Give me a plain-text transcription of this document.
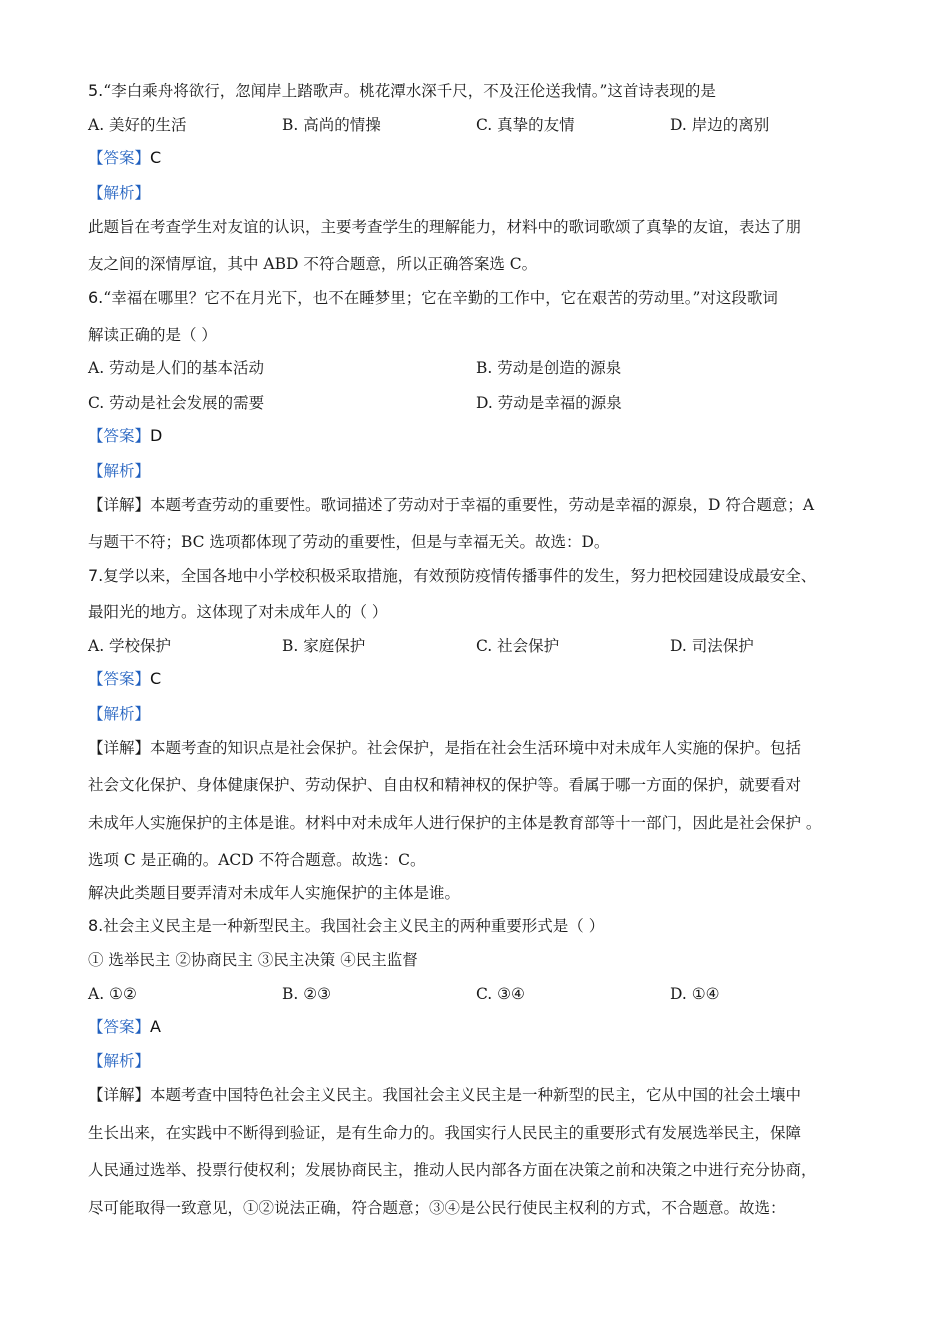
5.“李白乘舟将欲行，忽闻岸上踏歌声。桃花潭水深千尺，不及汪伦送我情。”这首诗表现的是
A. 美好的生活	B. 高尚的情操	C. 真挚的友情	D. 岸边的离别
【答案】C
【解析】
此题旨在考查学生对友谊的认识，主要考查学生的理解能力，材料中的歌词歌颂了真挚的友谊，表达了朋
友之间的深情厚谊，其中 ABD 不符合题意，所以正确答案选 C。
6.“幸福在哪里？它不在月光下，也不在睡梦里；它在辛勤的工作中，它在艰苦的劳动里。”对这段歌词
解读正确的是（ ）
A. 劳动是人们的基本活动	B. 劳动是创造的源泉
C. 劳动是社会发展的需要	D. 劳动是幸福的源泉
【答案】D
【解析】
【详解】本题考查劳动的重要性。歌词描述了劳动对于幸福的重要性，劳动是幸福的源泉，D 符合题意；A
与题干不符；BC 选项都体现了劳动的重要性，但是与幸福无关。故选：D。
7.复学以来，全国各地中小学校积极采取措施，有效预防疫情传播事件的发生，努力把校园建设成最安全、
最阳光的地方。这体现了对未成年人的（ ）
A. 学校保护	B. 家庭保护	C. 社会保护	D. 司法保护
【答案】C
【解析】
【详解】本题考查的知识点是社会保护。社会保护，是指在社会生活环境中对未成年人实施的保护。包括
社会文化保护、身体健康保护、劳动保护、自由权和精神权的保护等。看属于哪一方面的保护，就要看对
未成年人实施保护的主体是谁。材料中对未成年人进行保护的主体是教育部等十一部门，因此是社会保护 。
选项 C 是正确的。ACD 不符合题意。故选：C。
解决此类题目要弄清对未成年人实施保护的主体是谁。
8.社会主义民主是一种新型民主。我国社会主义民主的两种重要形式是（ ）
① 选举民主 ②协商民主 ③民主决策 ④民主监督
A. ①②	B. ②③	C. ③④	D. ①④
【答案】A
【解析】
【详解】本题考查中国特色社会主义民主。我国社会主义民主是一种新型的民主，它从中国的社会土壤中
生长出来，在实践中不断得到验证，是有生命力的。我国实行人民民主的重要形式有发展选举民主，保障
人民通过选举、投票行使权利；发展协商民主，推动人民内部各方面在决策之前和决策之中进行充分协商，
尽可能取得一致意见，①②说法正确，符合题意；③④是公民行使民主权利的方式，不合题意。故选：
